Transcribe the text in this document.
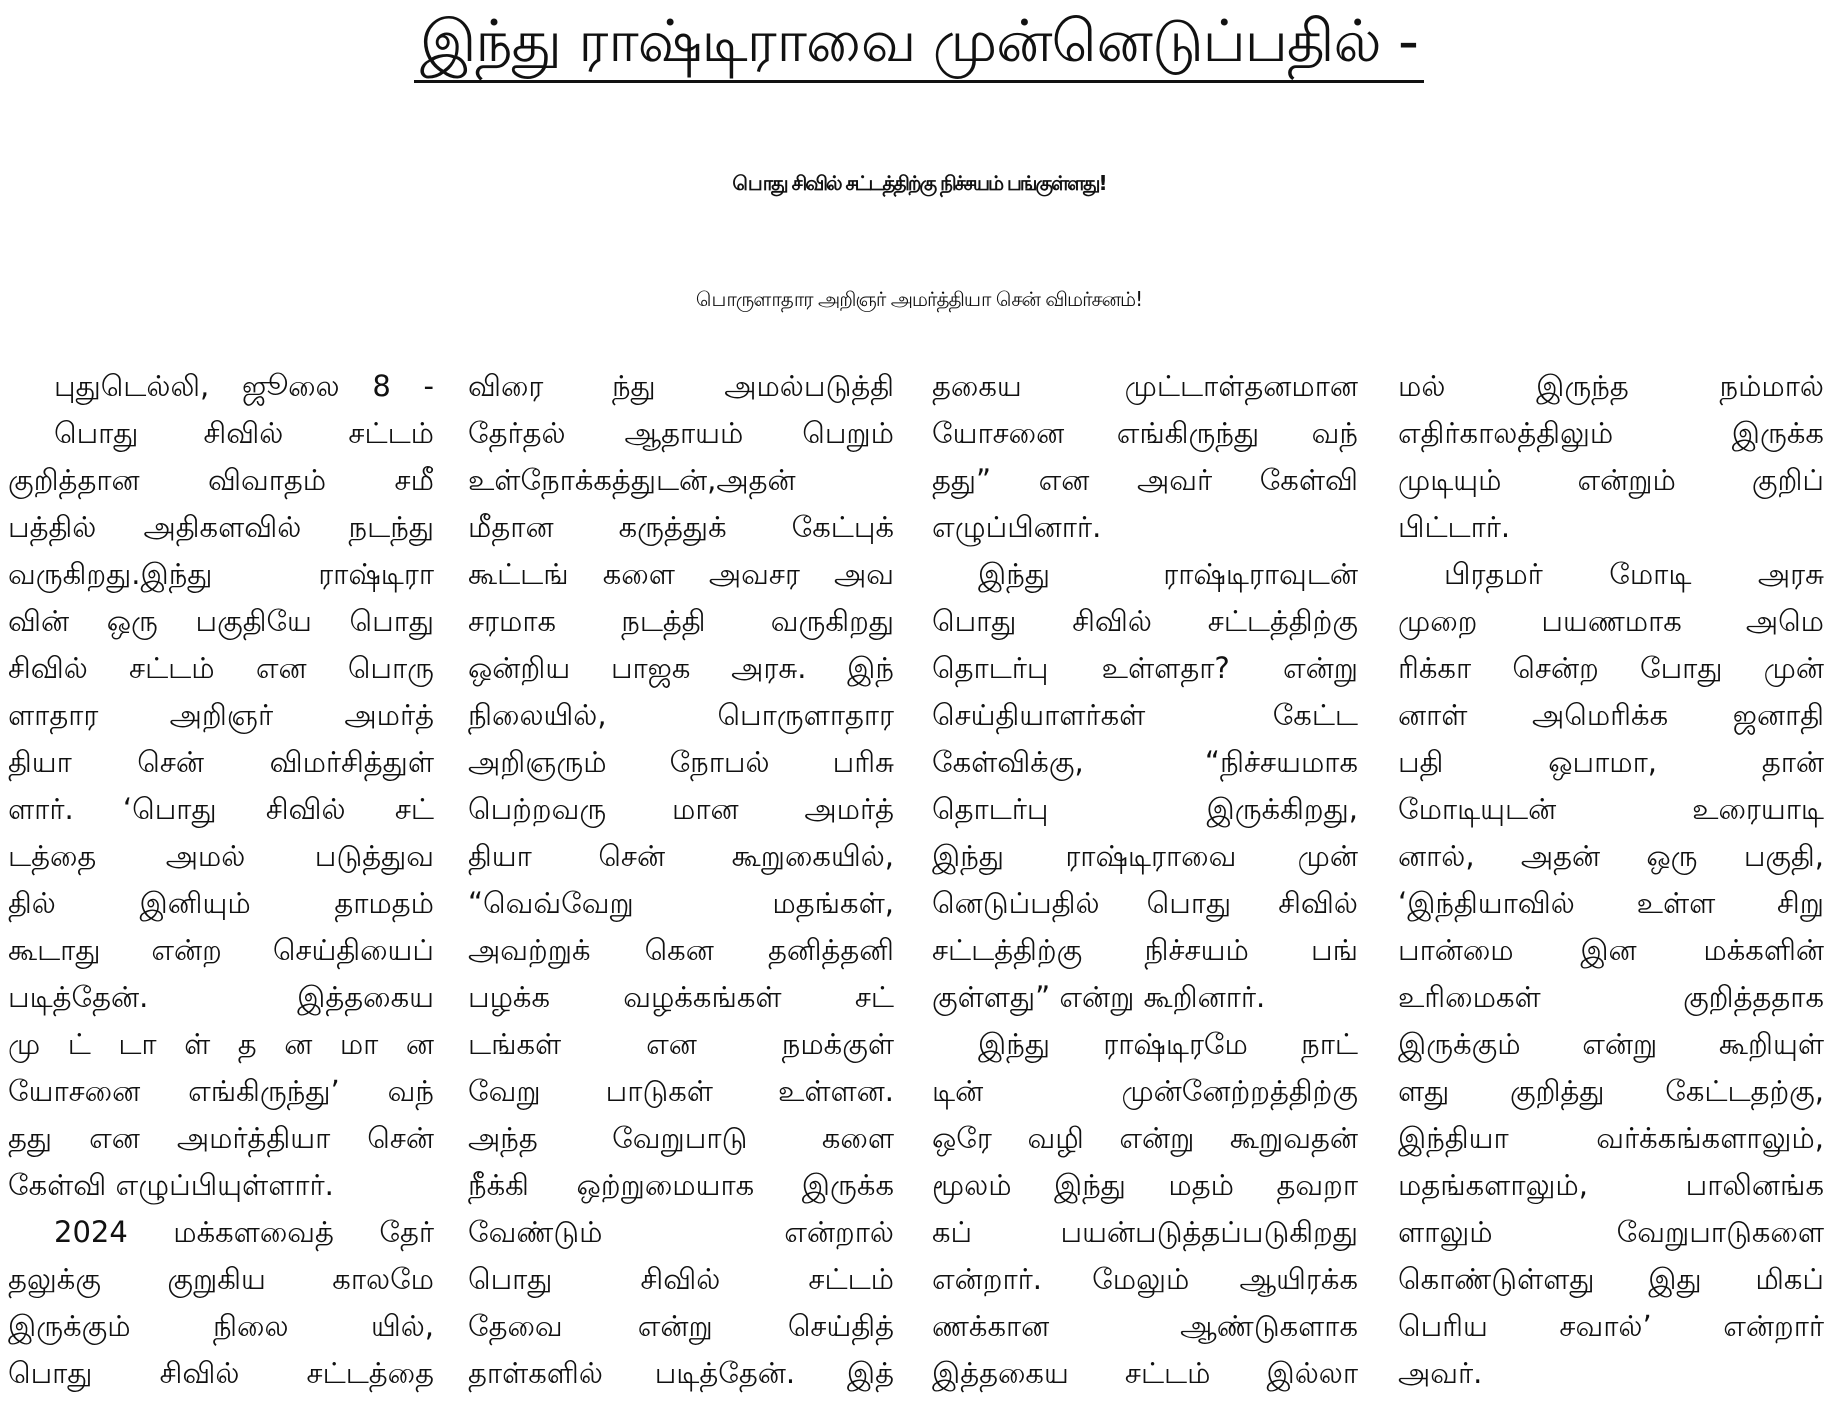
இந்து ராஷ்டிராவை முன்னெடுப்பதில் -
பொது சிவில் சட்டத்திற்கு நிச்சயம் பங்குள்ளது!
பொருளாதார அறிஞர் அமர்த்தியா சென் விமர்சனம்!
புதுடெல்லி, ஜூலை 8 -
பொது சிவில் சட்டம்
குறித்தான விவாதம் சமீ
பத்தில் அதிகளவில் நடந்து
வருகிறது.இந்து ராஷ்டிரா
வின் ஒரு பகுதியே பொது
சிவில் சட்டம் என பொரு
ளாதார அறிஞர் அமர்த்
தியா சென் விமர்சித்துள்
ளார். ‘பொது சிவில் சட்
டத்தை அமல் படுத்துவ
தில் இனியும் தாமதம்
கூடாது என்ற செய்தியைப்
படித்தேன். இத்தகைய
மு ட் டா ள் த ன மா ன
யோசனை எங்கிருந்து’ வந்
தது என அமர்த்தியா சென்
கேள்வி எழுப்பியுள்ளார்.
2024 மக்களவைத் தேர்
தலுக்கு குறுகிய காலமே
இருக்கும் நிலை யில்,
பொது சிவில் சட்டத்தை
விரை ந்து அமல்படுத்தி
தேர்தல் ஆதாயம் பெறும்
உள்நோக்கத்துடன்,அதன்
மீதான கருத்துக் கேட்புக்
கூட்டங் களை அவசர அவ
சரமாக நடத்தி வருகிறது
ஒன்றிய பாஜக அரசு. இந்
நிலையில், பொருளாதார
அறிஞரும் நோபல் பரிசு
பெற்றவரு மான அமர்த்
தியா சென் கூறுகையில்,
“வெவ்வேறு மதங்கள்,
அவற்றுக் கென தனித்தனி
பழக்க வழக்கங்கள் சட்
டங்கள் என நமக்குள்
வேறு பாடுகள் உள்ளன.
அந்த வேறுபாடு களை
நீக்கி ஒற்றுமையாக இருக்க
வேண்டும் என்றால்
பொது சிவில் சட்டம்
தேவை என்று செய்தித்
தாள்களில் படித்தேன். இத்
தகைய முட்டாள்தனமான
யோசனை எங்கிருந்து வந்
தது” என அவர் கேள்வி
எழுப்பினார்.
இந்து ராஷ்டிராவுடன்
பொது சிவில் சட்டத்திற்கு
தொடர்பு உள்ளதா? என்று
செய்தியாளர்கள் கேட்ட
கேள்விக்கு, “நிச்சயமாக
தொடர்பு இருக்கிறது,
இந்து ராஷ்டிராவை முன்
னெடுப்பதில் பொது சிவில்
சட்டத்திற்கு நிச்சயம் பங்
குள்ளது” என்று கூறினார்.
இந்து ராஷ்டிரமே நாட்
டின் முன்னேற்றத்திற்கு
ஒரே வழி என்று கூறுவதன்
மூலம் இந்து மதம் தவறா
கப் பயன்படுத்தப்படுகிறது
என்றார். மேலும் ஆயிரக்க
ணக்கான ஆண்டுகளாக
இத்தகைய சட்டம் இல்லா
மல் இருந்த நம்மால்
எதிர்காலத்திலும் இருக்க
முடியும் என்றும் குறிப்
பிட்டார்.
பிரதமர் மோடி அரசு
முறை பயணமாக அமெ
ரிக்கா சென்ற போது முன்
னாள் அமெரிக்க ஜனாதி
பதி ஒபாமா, தான்
மோடியுடன் உரையாடி
னால், அதன் ஒரு பகுதி,
‘இந்தியாவில் உள்ள சிறு
பான்மை இன மக்களின்
உரிமைகள் குறித்ததாக
இருக்கும் என்று கூறியுள்
ளது குறித்து கேட்டதற்கு,
இந்தியா வர்க்கங்களாலும்,
மதங்களாலும், பாலினங்க
ளாலும் வேறுபாடுகளை
கொண்டுள்ளது இது மிகப்
பெரிய சவால்’ என்றார்
அவர்.
